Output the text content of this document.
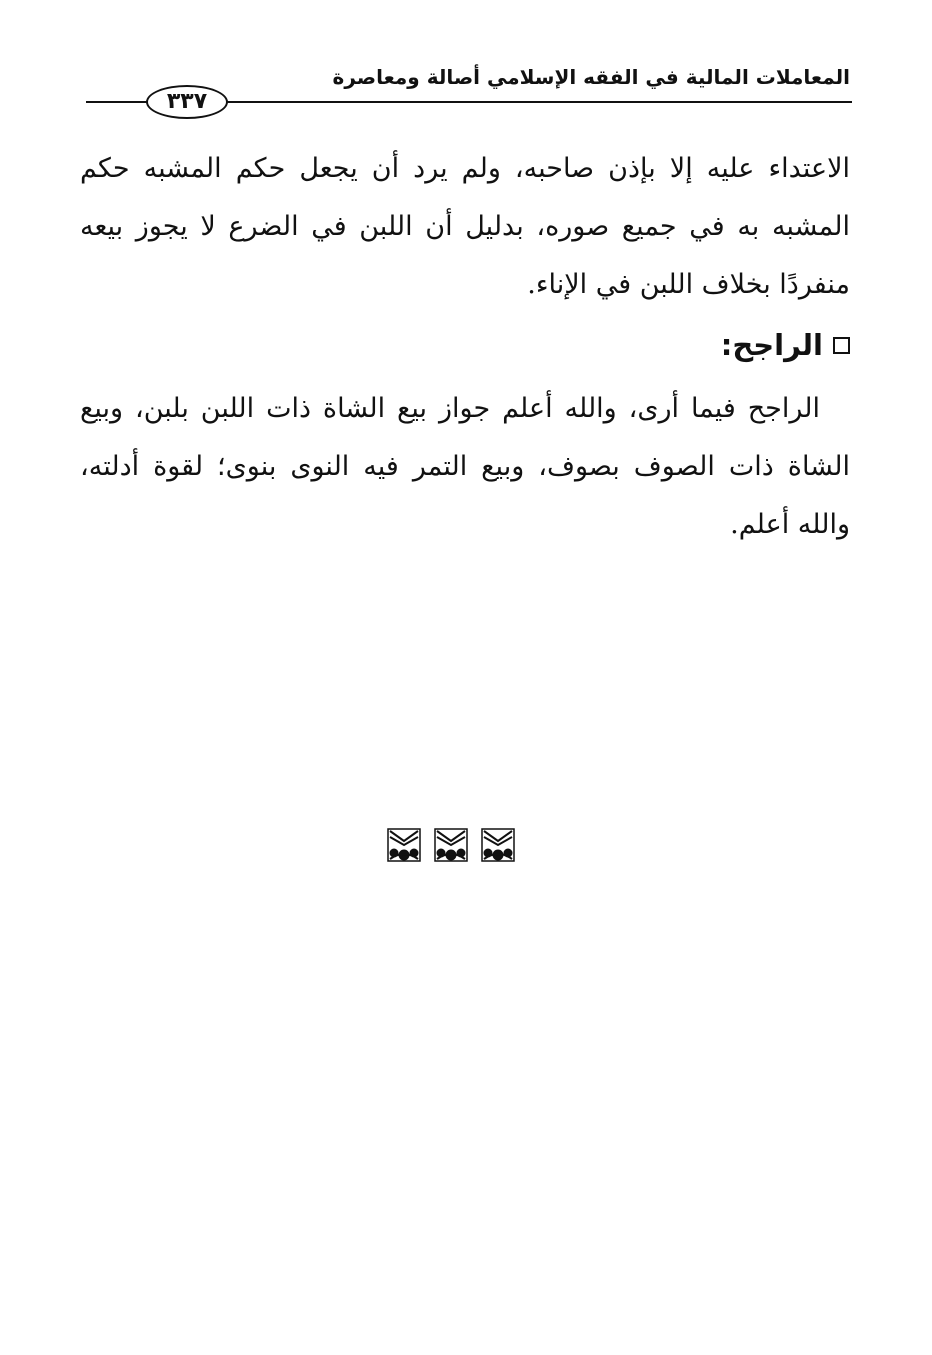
المعاملات المالية في الفقه الإسلامي أصالة ومعاصرة
٣٣٧

الاعتداء عليه إلا بإذن صاحبه، ولم يرد أن يجعل حكم المشبه حكم المشبه به في جميع صوره، بدليل أن اللبن في الضرع لا يجوز بيعه منفردًا بخلاف اللبن في الإناء.

الراجح:

الراجح فيما أرى، والله أعلم جواز بيع الشاة ذات اللبن بلبن، وبيع الشاة ذات الصوف بصوف، وبيع التمر فيه النوى بنوى؛ لقوة أدلته، والله أعلم.
